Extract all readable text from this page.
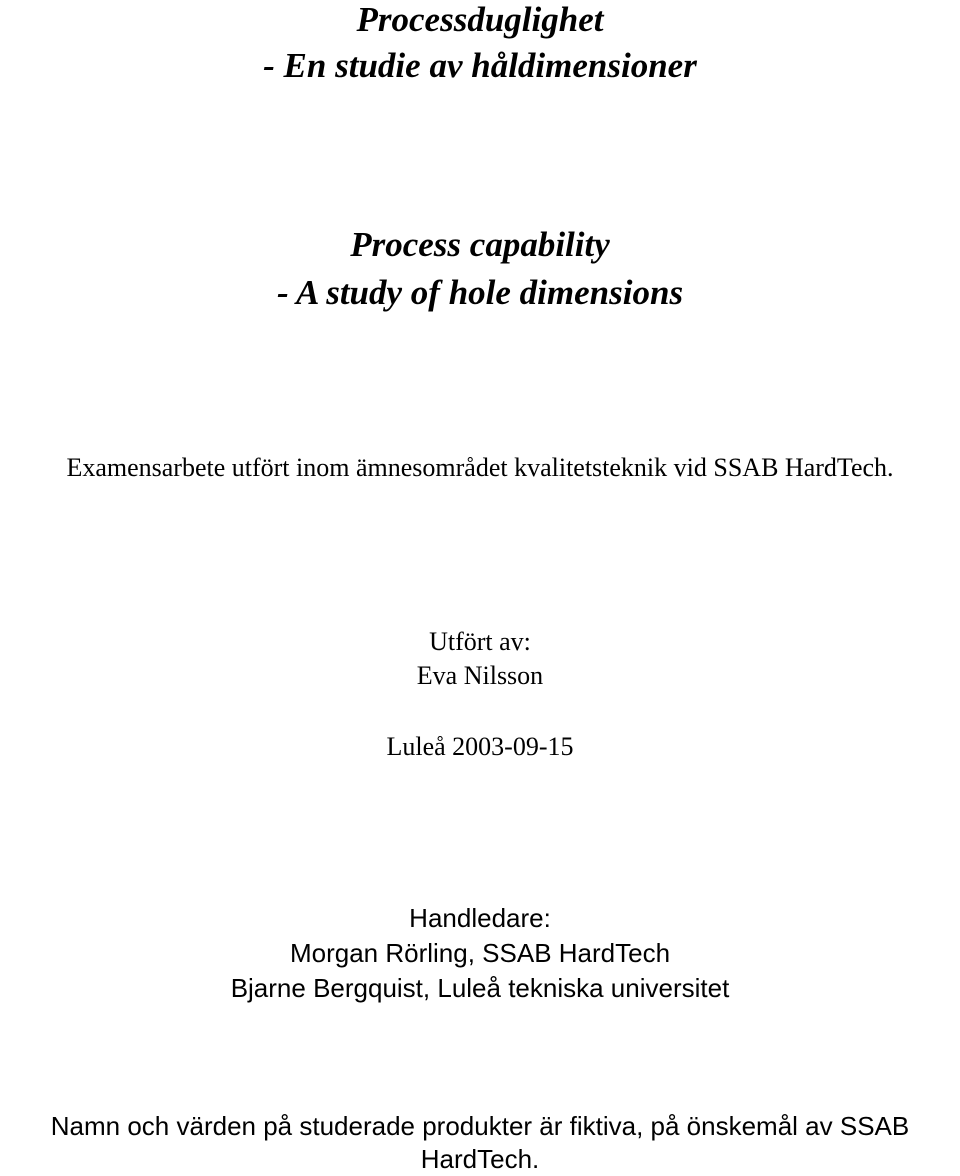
Processduglighet
- En studie av håldimensioner
Process capability
- A study of hole dimensions

Examensarbete utfört inom ämnesområdet kvalitetsteknik vid SSAB HardTech.

Utfört av:

Eva Nilsson

Luleå 2003-09-15

Handledare:

Morgan Rörling, SSAB HardTech

Bjarne Bergquist, Luleå tekniska universitet

Namn och värden på studerade produkter är fiktiva, på önskemål av SSAB

HardTech.
